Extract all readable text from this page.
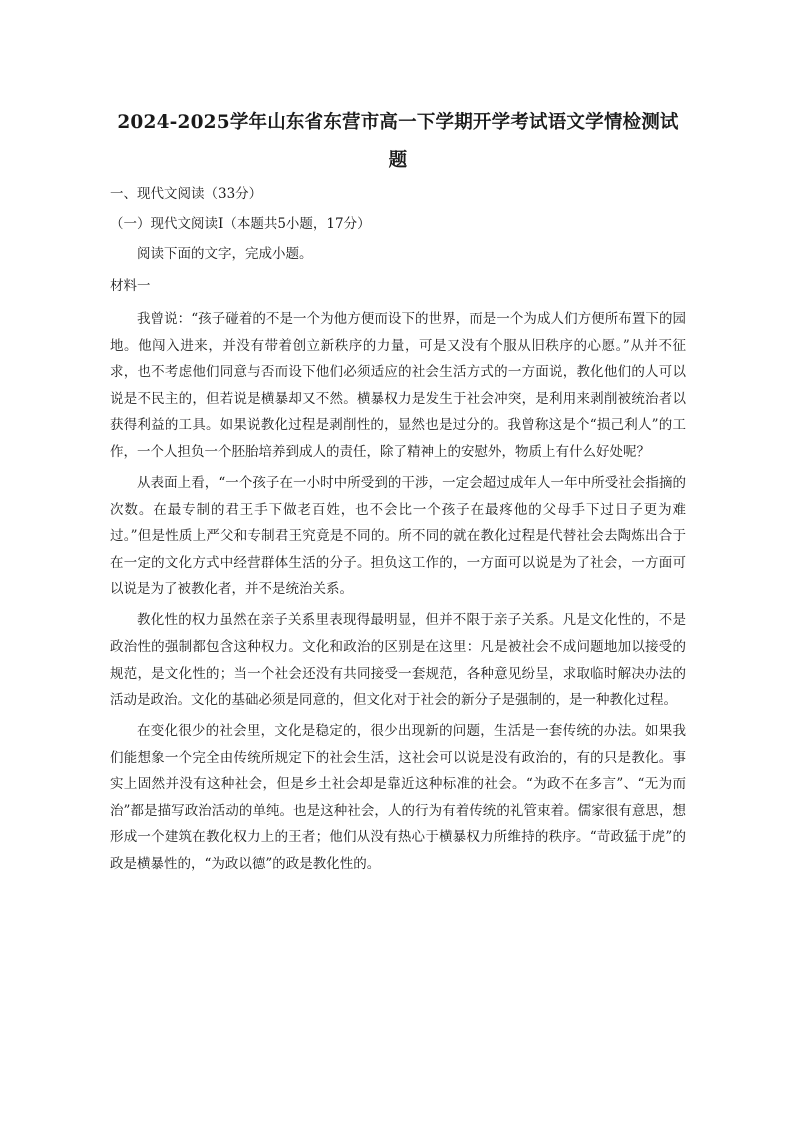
2024-2025学年山东省东营市高一下学期开学考试语文学情检测试题
一、现代文阅读（33分）
（一）现代文阅读Ⅰ（本题共5小题，17分）
阅读下面的文字，完成小题。
材料一

我曾说：“孩子碰着的不是一个为他方便而设下的世界，而是一个为成人们方便所布置下的园地。他闯入进来，并没有带着创立新秩序的力量，可是又没有个服从旧秩序的心愿。”从并不征求，也不考虑他们同意与否而设下他们必须适应的社会生活方式的一方面说，教化他们的人可以说是不民主的，但若说是横暴却又不然。横暴权力是发生于社会冲突，是利用来剥削被统治者以获得利益的工具。如果说教化过程是剥削性的，显然也是过分的。我曾称这是个“损己利人”的工作，一个人担负一个胚胎培养到成人的责任，除了精神上的安慰外，物质上有什么好处呢？

从表面上看，“一个孩子在一小时中所受到的干涉，一定会超过成年人一年中所受社会指摘的次数。在最专制的君王手下做老百姓，也不会比一个孩子在最疼他的父母手下过日子更为难过。”但是性质上严父和专制君王究竟是不同的。所不同的就在教化过程是代替社会去陶炼出合于在一定的文化方式中经营群体生活的分子。担负这工作的，一方面可以说是为了社会，一方面可以说是为了被教化者，并不是统治关系。

教化性的权力虽然在亲子关系里表现得最明显，但并不限于亲子关系。凡是文化性的，不是政治性的强制都包含这种权力。文化和政治的区别是在这里：凡是被社会不成问题地加以接受的规范，是文化性的；当一个社会还没有共同接受一套规范，各种意见纷呈，求取临时解决办法的活动是政治。文化的基础必须是同意的，但文化对于社会的新分子是强制的，是一种教化过程。

在变化很少的社会里，文化是稳定的，很少出现新的问题，生活是一套传统的办法。如果我们能想象一个完全由传统所规定下的社会生活，这社会可以说是没有政治的，有的只是教化。事实上固然并没有这种社会，但是乡土社会却是靠近这种标准的社会。“为政不在多言”、“无为而治”都是描写政治活动的单纯。也是这种社会，人的行为有着传统的礼管束着。儒家很有意思，想形成一个建筑在教化权力上的王者；他们从没有热心于横暴权力所维持的秩序。“苛政猛于虎”的政是横暴性的，“为政以德”的政是教化性的。
